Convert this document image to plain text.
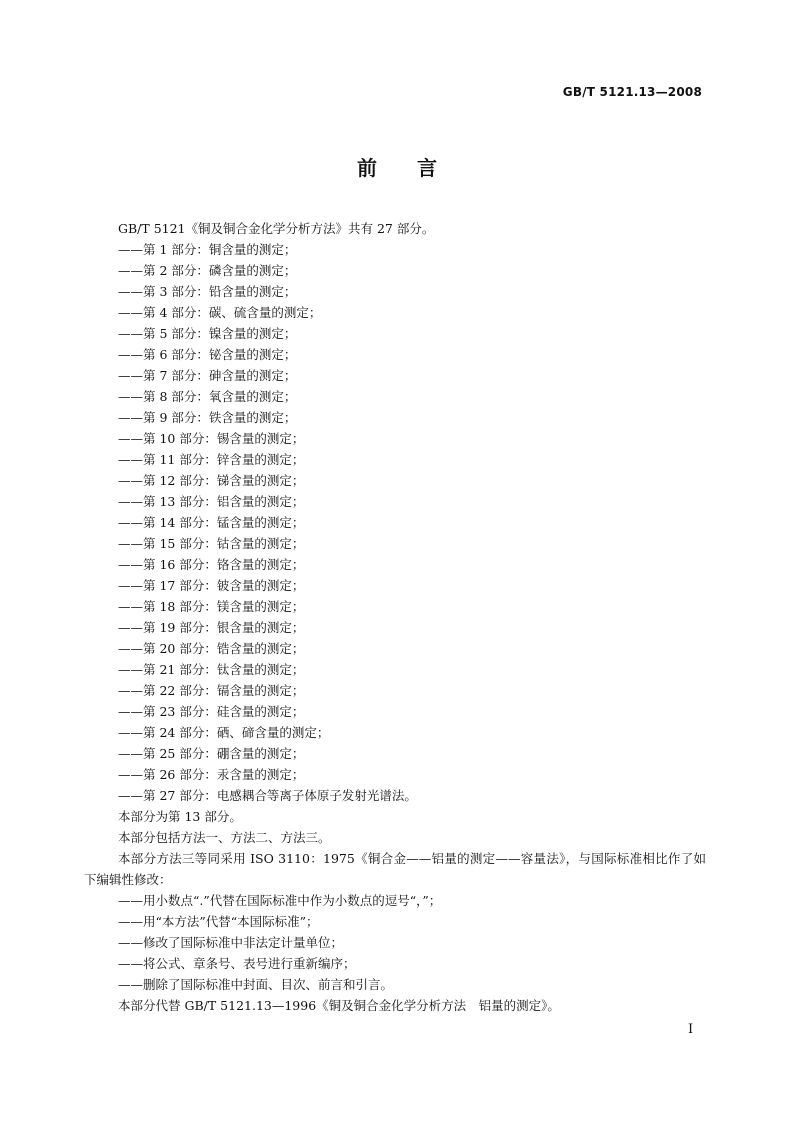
GB/T 5121.13—2008
前　　言

GB/T 5121《铜及铜合金化学分析方法》共有 27 部分。

——第 1 部分：铜含量的测定；

——第 2 部分：磷含量的测定；

——第 3 部分：铅含量的测定；

——第 4 部分：碳、硫含量的测定；

——第 5 部分：镍含量的测定；

——第 6 部分：铋含量的测定；

——第 7 部分：砷含量的测定；

——第 8 部分：氧含量的测定；

——第 9 部分：铁含量的测定；

——第 10 部分：锡含量的测定；

——第 11 部分：锌含量的测定；

——第 12 部分：锑含量的测定；

——第 13 部分：铝含量的测定；

——第 14 部分：锰含量的测定；

——第 15 部分：钴含量的测定；

——第 16 部分：铬含量的测定；

——第 17 部分：铍含量的测定；

——第 18 部分：镁含量的测定；

——第 19 部分：银含量的测定；

——第 20 部分：锆含量的测定；

——第 21 部分：钛含量的测定；

——第 22 部分：镉含量的测定；

——第 23 部分：硅含量的测定；

——第 24 部分：硒、碲含量的测定；

——第 25 部分：硼含量的测定；

——第 26 部分：汞含量的测定；

——第 27 部分：电感耦合等离子体原子发射光谱法。

本部分为第 13 部分。

本部分包括方法一、方法二、方法三。

本部分方法三等同采用 ISO 3110：1975《铜合金——铝量的测定——容量法》，与国际标准相比作了如下编辑性修改：

——用小数点“.”代替在国际标准中作为小数点的逗号“，”；

——用“本方法”代替“本国际标准”；

——修改了国际标准中非法定计量单位；

——将公式、章条号、表号进行重新编序；

——删除了国际标准中封面、目次、前言和引言。

本部分代替 GB/T 5121.13—1996《铜及铜合金化学分析方法　铝量的测定》。

I
